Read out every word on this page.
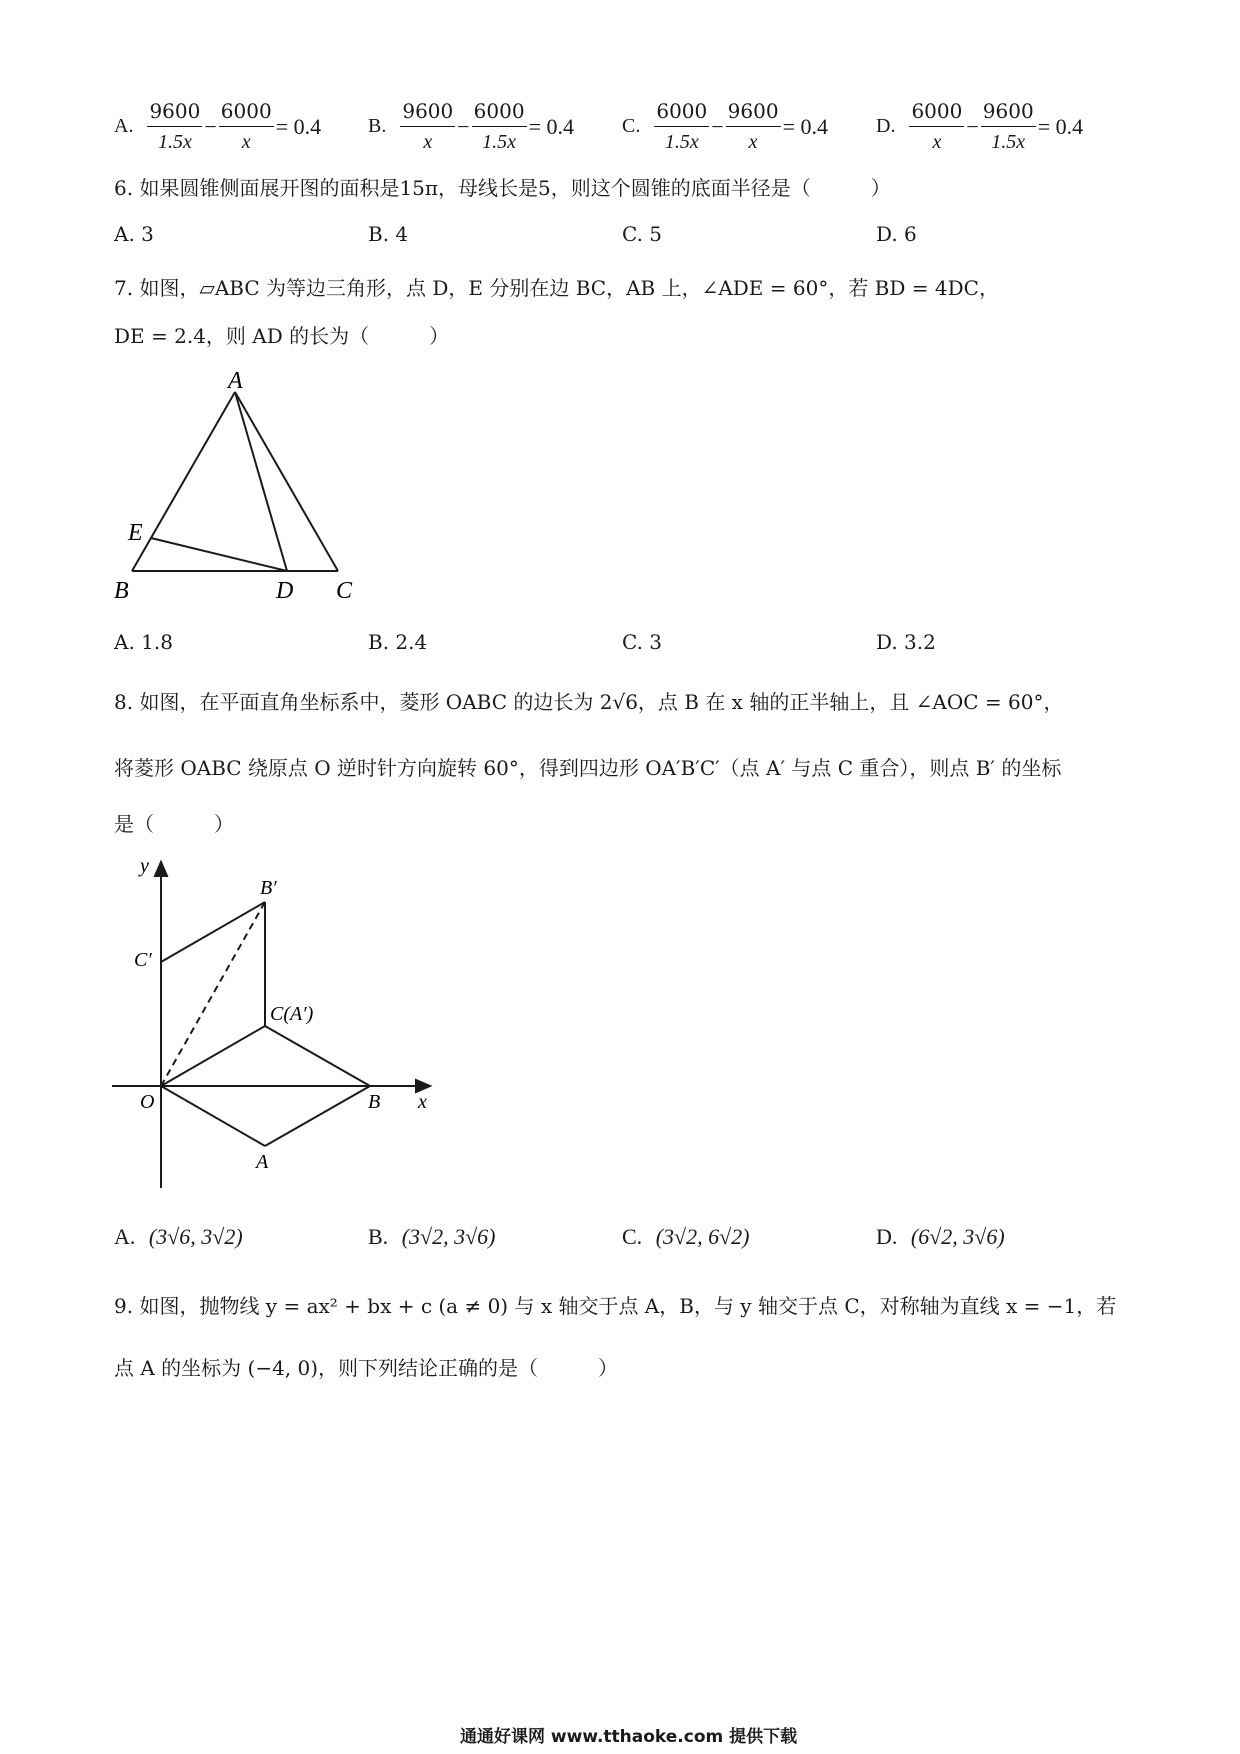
A. $\frac{9600}{1.5x} - \frac{6000}{x} = 0.4$ B. $\frac{9600}{x} - \frac{6000}{1.5x} = 0.4$ C. $\frac{6000}{1.5x} - \frac{9600}{x} = 0.4$ D. $\frac{6000}{x} - \frac{9600}{1.5x} = 0.4$
6. 如果圆锥侧面展开图的面积是15π，母线长是5，则这个圆锥的底面半径是（　　　）
A. 3	B. 4	C. 5	D. 6
7. 如图，▱ABC 为等边三角形，点 D，E 分别在边 BC，AB 上，∠ADE = 60°，若 BD = 4DC，
DE = 2.4，则 AD 的长为（　　　）
A
E
B	D C
A. 1.8	B. 2.4	C. 3	D. 3.2
8. 如图，在平面直角坐标系中，菱形 OABC 的边长为 2√6，点 B 在 x 轴的正半轴上，且 ∠AOC = 60°，
将菱形 OABC 绕原点 O 逆时针方向旋转 60°，得到四边形 OA′B′C′（点 A′ 与点 C 重合），则点 B′ 的坐标
是（　　　）
y
x
O	B
A
B′
C′
C(A′)
A. (3√6, 3√2)	B. (3√2, 3√6)	C. (3√2, 6√2)	D. (6√2, 3√6)
9. 如图，抛物线 y = ax² + bx + c (a ≠ 0) 与 x 轴交于点 A，B，与 y 轴交于点 C，对称轴为直线 x = −1，若
点 A 的坐标为 (−4, 0)，则下列结论正确的是（　　　）
通通好课网 www.tthaoke.com 提供下载
